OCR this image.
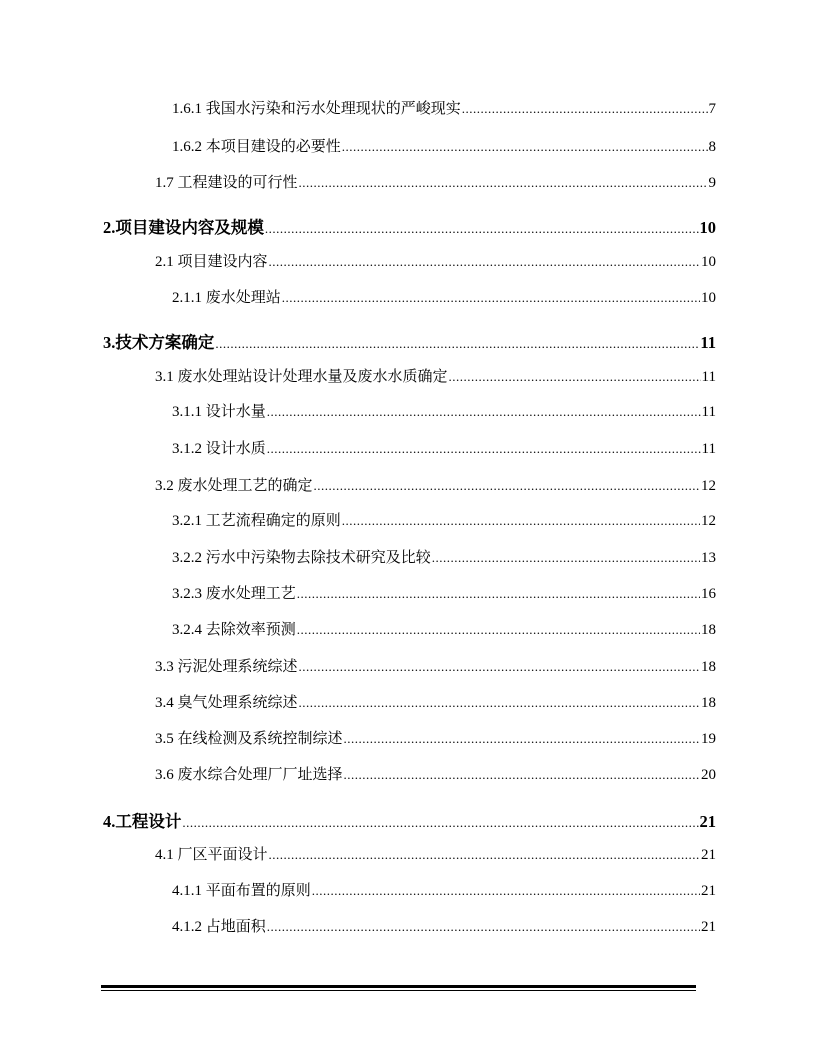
1.6.1 我国水污染和污水处理现状的严峻现实 .....	7
1.6.2 本项目建设的必要性 .....	8
1.7 工程建设的可行性 .....	9
2.项目建设内容及规模 .....	10
2.1 项目建设内容 .....	10
2.1.1 废水处理站 .....	10
3.技术方案确定 .....	11
3.1 废水处理站设计处理水量及废水水质确定 .....	11
3.1.1 设计水量 .....	11
3.1.2 设计水质 .....	11
3.2 废水处理工艺的确定 .....	12
3.2.1 工艺流程确定的原则 .....	12
3.2.2 污水中污染物去除技术研究及比较 .....	13
3.2.3 废水处理工艺 .....	16
3.2.4 去除效率预测 .....	18
3.3 污泥处理系统综述 .....	18
3.4 臭气处理系统综述 .....	18
3.5 在线检测及系统控制综述 .....	19
3.6 废水综合处理厂厂址选择 .....	20
4.工程设计 .....	21
4.1 厂区平面设计 .....	21
4.1.1 平面布置的原则 .....	21
4.1.2 占地面积 .....	21
